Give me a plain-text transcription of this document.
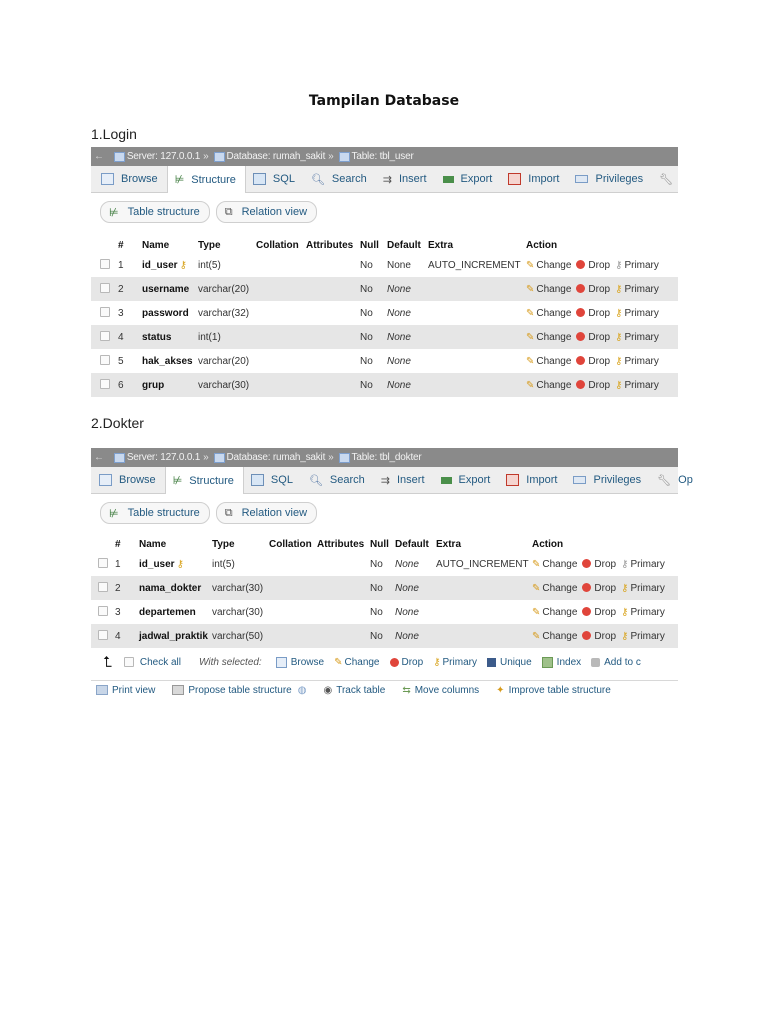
Tampilan Database
1.Login
← Server: 127.0.0.1 » Database: rumah_sakit » Table: tbl_user
Browse ⊭ Structure	SQL 🔍︎ Search ⇉ Insert	Export	Import	Privileges 🔧︎
⊭ Table structure ⧉ Relation view
	#	Name	Type	Collation	Attributes	Null	Default	Extra	Action
	1	id_user ⚷	int(5)			No	None	AUTO_INCREMENT	✎ Change Drop ⚷ Primary
	2	username	varchar(20)			No	None		✎ Change Drop ⚷ Primary
	3	password	varchar(32)			No	None		✎ Change Drop ⚷ Primary
	4	status	int(1)			No	None		✎ Change Drop ⚷ Primary
	5	hak_akses	varchar(20)			No	None		✎ Change Drop ⚷ Primary
	6	grup	varchar(30)			No	None		✎ Change Drop ⚷ Primary
2.Dokter
← Server: 127.0.0.1 » Database: rumah_sakit » Table: tbl_dokter
Browse ⊭ Structure	SQL 🔍︎ Search ⇉ Insert	Export	Import	Privileges 🔧︎ Op
⊭ Table structure ⧉ Relation view
	#	Name	Type	Collation	Attributes	Null	Default	Extra	Action
	1	id_user ⚷	int(5)			No	None	AUTO_INCREMENT	✎ Change Drop ⚷ Primary
	2	nama_dokter	varchar(30)			No	None		✎ Change Drop ⚷ Primary
	3	departemen	varchar(30)			No	None		✎ Change Drop ⚷ Primary
	4	jadwal_praktik	varchar(50)			No	None		✎ Change Drop ⚷ Primary
⮤	Check all With selected:	Browse ✎ Change Drop ⚷ Primary Unique	Index Add to c
Print view	Propose table structure ◍ ◉ Track table ⇆ Move columns ✦ Improve table structure
